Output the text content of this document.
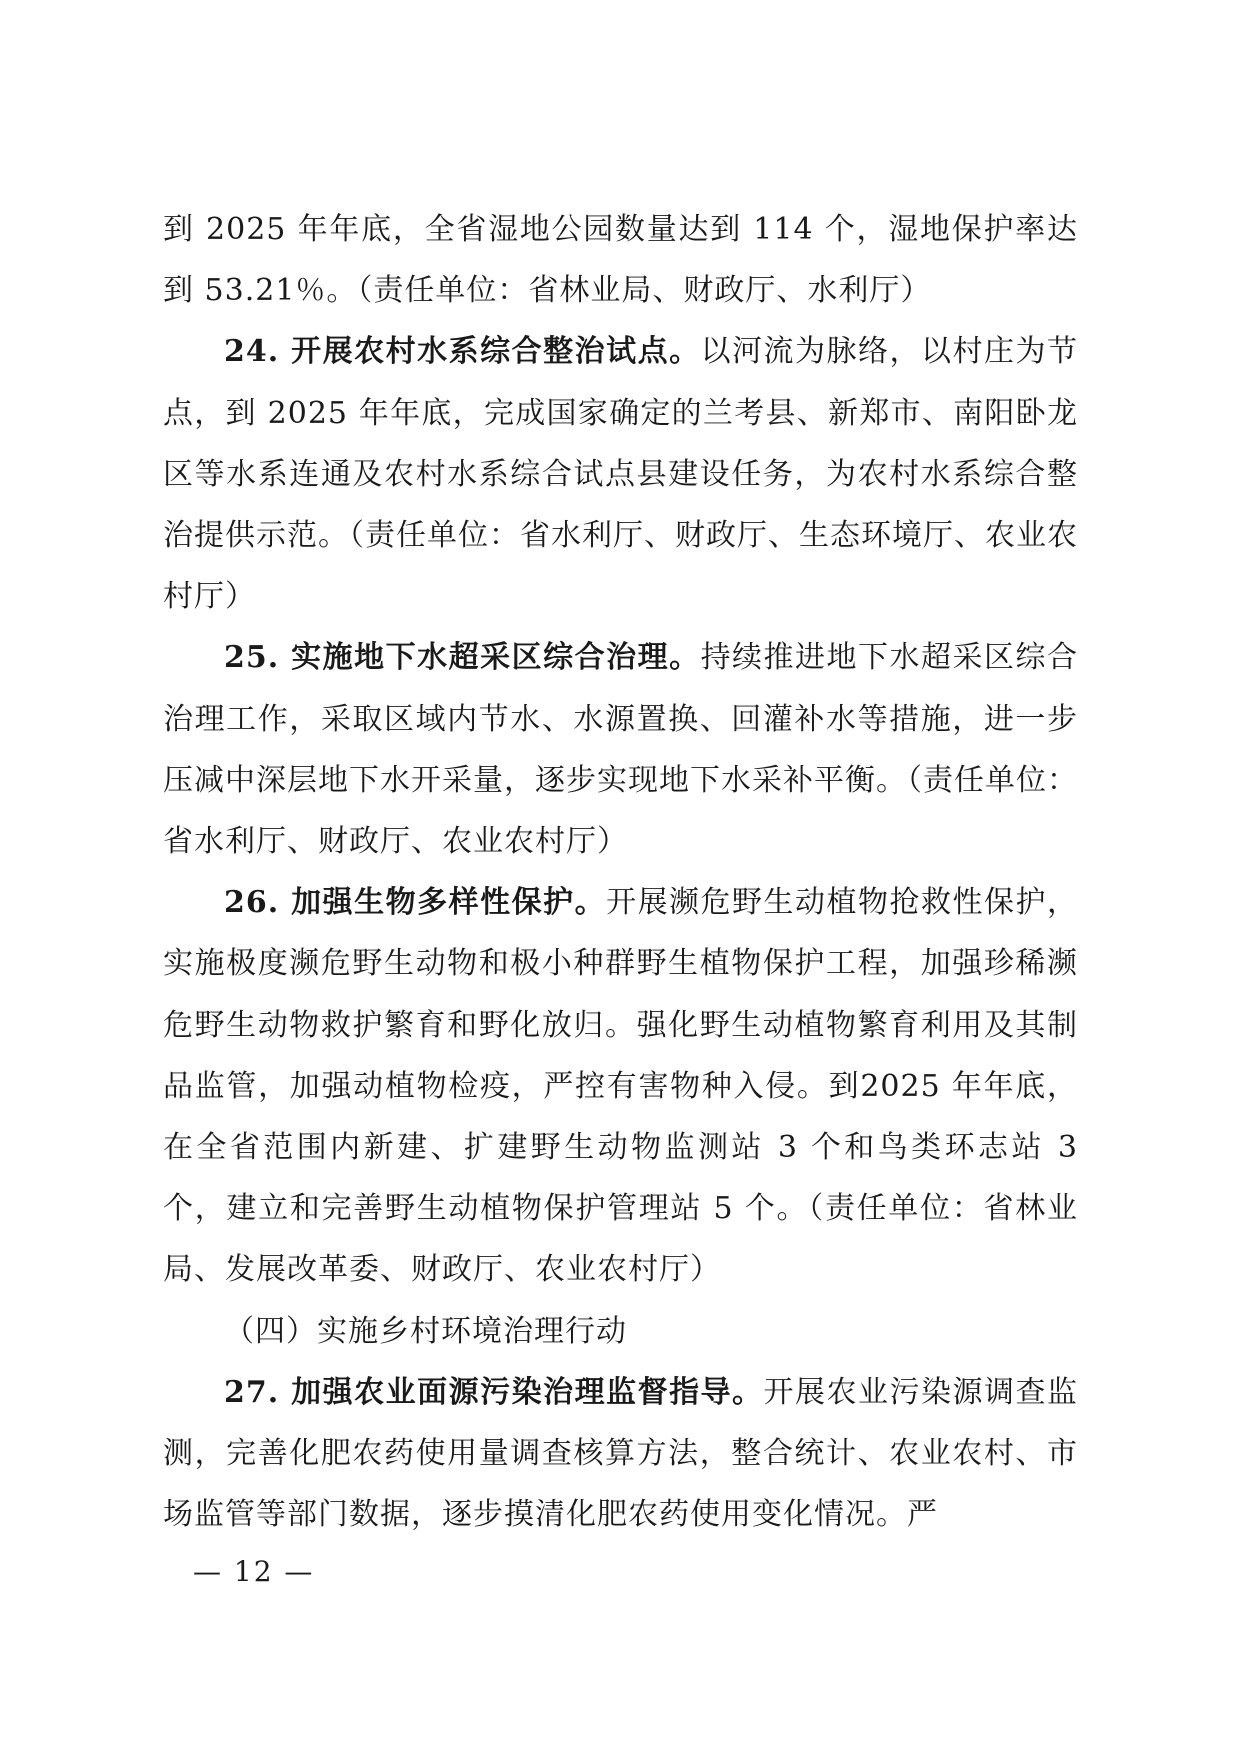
到 2025 年年底，全省湿地公园数量达到 114 个，湿地保护率达到 53.21％。（责任单位：省林业局、财政厅、水利厅）

24. 开展农村水系综合整治试点。以河流为脉络，以村庄为节点，到 2025 年年底，完成国家确定的兰考县、新郑市、南阳卧龙区等水系连通及农村水系综合试点县建设任务，为农村水系综合整治提供示范。（责任单位：省水利厅、财政厅、生态环境厅、农业农村厅）

25. 实施地下水超采区综合治理。持续推进地下水超采区综合治理工作，采取区域内节水、水源置换、回灌补水等措施，进一步压减中深层地下水开采量，逐步实现地下水采补平衡。（责任单位：省水利厅、财政厅、农业农村厅）

26. 加强生物多样性保护。开展濒危野生动植物抢救性保护，实施极度濒危野生动物和极小种群野生植物保护工程，加强珍稀濒危野生动物救护繁育和野化放归。强化野生动植物繁育利用及其制品监管，加强动植物检疫，严控有害物种入侵。到2025 年年底，在全省范围内新建、扩建野生动物监测站 3 个和鸟类环志站 3 个，建立和完善野生动植物保护管理站 5 个。（责任单位：省林业局、发展改革委、财政厅、农业农村厅）

（四）实施乡村环境治理行动

27. 加强农业面源污染治理监督指导。开展农业污染源调查监测，完善化肥农药使用量调查核算方法，整合统计、农业农村、市场监管等部门数据，逐步摸清化肥农药使用变化情况。严

— 12 —
